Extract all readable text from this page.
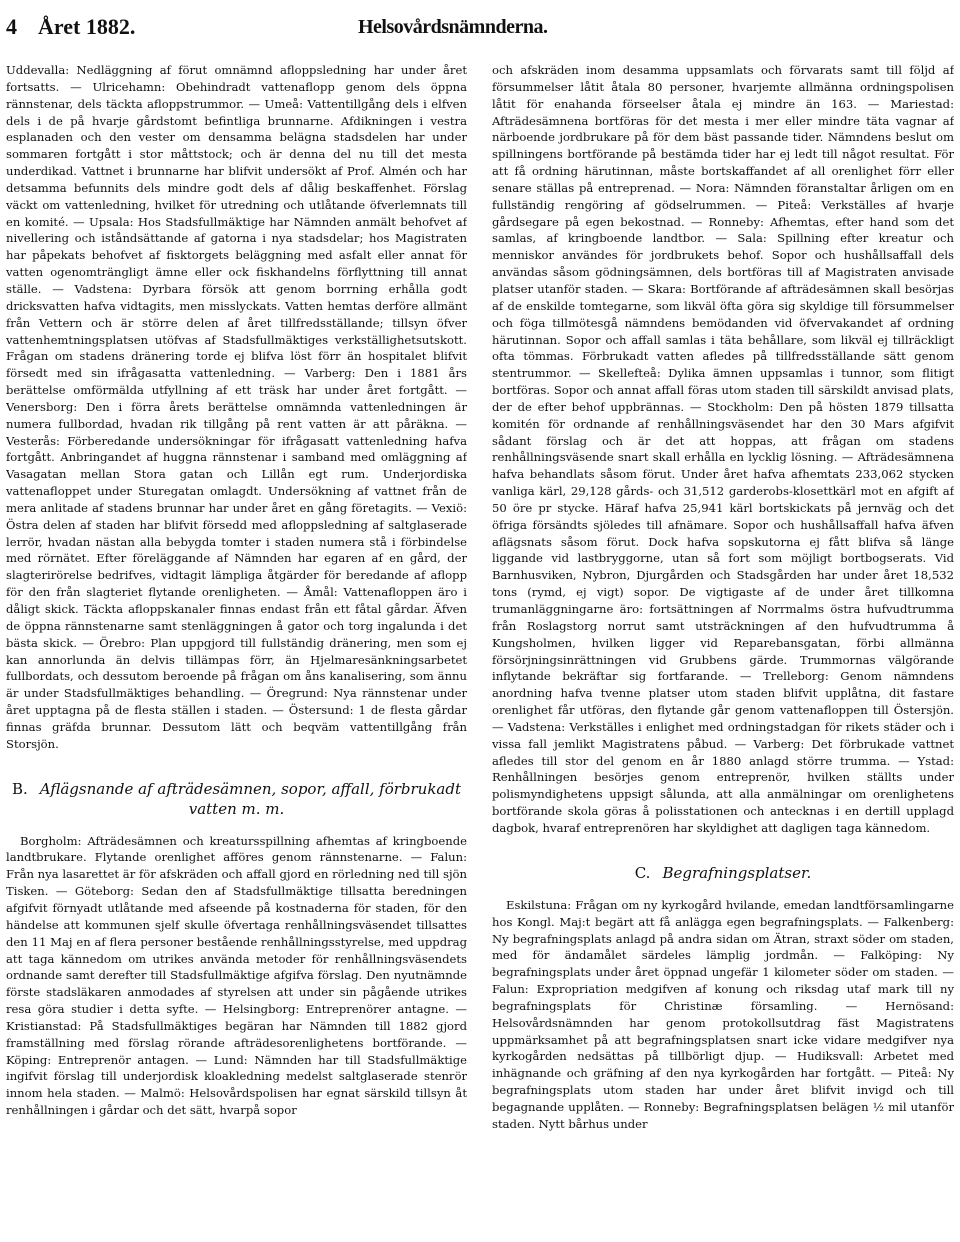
4 Året 1882.	Helsovårdsnämnderna.

Uddevalla: Nedläggning af förut omnämnd afloppsledning har under året fortsatts. — Ulricehamn: Obehindradt vattenaflopp genom dels öppna rännstenar, dels täckta afloppstrummor. — Umeå: Vattentillgång dels i elfven dels i de på hvarje gårdstomt befintliga brunnarne. Afdikningen i vestra esplanaden och den vester om densamma belägna stadsdelen har under sommaren fortgått i stor måttstock; och är denna del nu till det mesta underdikad. Vattnet i brunnarne har blifvit undersökt af Prof. Almén och har detsamma befunnits dels mindre godt dels af dålig beskaffenhet. Förslag väckt om vattenledning, hvilket för utredning och utlåtande öfverlemnats till en komité. — Upsala: Hos Stadsfullmäktige har Nämnden anmält behofvet af nivellering och iståndsättande af gatorna i nya stadsdelar; hos Magistraten har påpekats behofvet af fisktorgets beläggning med asfalt eller annat för vatten ogenomträngligt ämne eller ock fiskhandelns förflyttning till annat ställe. — Vadstena: Dyrbara försök att genom borrning erhålla godt dricksvatten hafva vidtagits, men misslyckats. Vatten hemtas derföre allmänt från Vettern och är större delen af året tillfredsställande; tillsyn öfver vattenhemtningsplatsen utöfvas af Stadsfullmäktiges verkställighetsutskott. Frågan om stadens dränering torde ej blifva löst förr än hospitalet blifvit försedt med sin ifrågasatta vattenledning. — Varberg: Den i 1881 års berättelse omförmälda utfyllning af ett träsk har under året fortgått. — Venersborg: Den i förra årets berättelse omnämnda vattenledningen är numera fullbordad, hvadan rik tillgång på rent vatten är att påräkna. — Vesterås: Förberedande undersökningar för ifrågasatt vattenledning hafva fortgått. Anbringandet af huggna rännstenar i samband med omläggning af Vasagatan mellan Stora gatan och Lillån egt rum. Underjordiska vattenafloppet under Sturegatan omlagdt. Undersökning af vattnet från de mera anlitade af stadens brunnar har under året en gång företagits. — Vexiö: Östra delen af staden har blifvit försedd med afloppsledning af saltglaserade lerrör, hvadan nästan alla bebygda tomter i staden numera stå i förbindelse med rörnätet. Efter föreläggande af Nämnden har egaren af en gård, der slagterirörelse bedrifves, vidtagit lämpliga åtgärder för beredande af aflopp för den från slagteriet flytande orenligheten. — Åmål: Vattenafloppen äro i dåligt skick. Täckta afloppskanaler finnas endast från ett fåtal gårdar. Äfven de öppna rännstenarne samt stenläggningen å gator och torg ingalunda i det bästa skick. — Örebro: Plan uppgjord till fullständig dränering, men som ej kan annorlunda än delvis tillämpas förr, än Hjelmaresänkningsarbetet fullbordats, och dessutom beroende på frågan om åns kanalisering, som ännu är under Stadsfullmäktiges behandling. — Öregrund: Nya rännstenar under året upptagna på de flesta ställen i staden. — Östersund: 1 de flesta gårdar finnas gräfda brunnar. Dessutom lätt och beqväm vattentillgång från Storsjön.

B. Aflägsnande af afträdesämnen, sopor, affall, förbrukadt vatten m. m.

Borgholm: Afträdesämnen och kreatursspillning afhemtas af kringboende landtbrukare. Flytande orenlighet afföres genom rännstenarne. — Falun: Från nya lasarettet är för afskräden och affall gjord en rörledning ned till sjön Tisken. — Göteborg: Sedan den af Stadsfullmäktige tillsatta beredningen afgifvit förnyadt utlåtande med afseende på kostnaderna för staden, för den händelse att kommunen sjelf skulle öfvertaga renhållningsväsendet tillsattes den 11 Maj en af flera personer bestående renhållningsstyrelse, med uppdrag att taga kännedom om utrikes använda metoder för renhållningsväsendets ordnande samt derefter till Stadsfullmäktige afgifva förslag. Den nyutnämnde förste stadsläkaren anmodades af styrelsen att under sin pågående utrikes resa göra studier i detta syfte. — Helsingborg: Entreprenörer antagne. — Kristianstad: På Stadsfullmäktiges begäran har Nämnden till 1882 gjord framställning med förslag rörande afträdesorenlighetens bortförande. — Köping: Entreprenör antagen. — Lund: Nämnden har till Stadsfullmäktige ingifvit förslag till underjordisk kloakledning medelst saltglaserade stenrör innom hela staden. — Malmö: Helsovårdspolisen har egnat särskild tillsyn åt renhållningen i gårdar och det sätt, hvarpå sopor

och afskräden inom desamma uppsamlats och förvarats samt till följd af försummelser låtit åtala 80 personer, hvarjemte allmänna ordningspolisen låtit för enahanda förseelser åtala ej mindre än 163. — Mariestad: Afträdesämnena bortföras för det mesta i mer eller mindre täta vagnar af närboende jordbrukare på för dem bäst passande tider. Nämndens beslut om spillningens bortförande på bestämda tider har ej ledt till något resultat. För att få ordning härutinnan, måste bortskaffandet af all orenlighet förr eller senare ställas på entreprenad. — Nora: Nämnden föranstaltar årligen om en fullständig rengöring af gödselrummen. — Piteå: Verkställes af hvarje gårdsegare på egen bekostnad. — Ronneby: Afhemtas, efter hand som det samlas, af kringboende landtbor. — Sala: Spillning efter kreatur och menniskor användes för jordbrukets behof. Sopor och hushållsaffall dels användas såsom gödningsämnen, dels bortföras till af Magistraten anvisade platser utanför staden. — Skara: Bortförande af afträdesämnen skall besörjas af de enskilde tomtegarne, som likväl öfta göra sig skyldige till försummelser och föga tillmötesgå nämndens bemödanden vid öfvervakandet af ordning härutinnan. Sopor och affall samlas i täta behållare, som likväl ej tillräckligt ofta tömmas. Förbrukadt vatten afledes på tillfredsställande sätt genom stentrummor. — Skellefteå: Dylika ämnen uppsamlas i tunnor, som flitigt bortföras. Sopor och annat affall föras utom staden till särskildt anvisad plats, der de efter behof uppbrännas. — Stockholm: Den på hösten 1879 tillsatta komitén för ordnande af renhållningsväsendet har den 30 Mars afgifvit sådant förslag och är det att hoppas, att frågan om stadens renhållningsväsende snart skall erhålla en lycklig lösning. — Afträdesämnena hafva behandlats såsom förut. Under året hafva afhemtats 233,062 stycken vanliga kärl, 29,128 gårds- och 31,512 garderobs-klosettkärl mot en afgift af 50 öre pr stycke. Häraf hafva 25,941 kärl bortskickats på jernväg och det öfriga försändts sjöledes till afnämare. Sopor och hushållsaffall hafva äfven aflägsnats såsom förut. Dock hafva sopskutorna ej fått blifva så länge liggande vid lastbryggorne, utan så fort som möjligt bortbogserats. Vid Barnhusviken, Nybron, Djurgården och Stadsgården har under året 18,532 tons (rymd, ej vigt) sopor. De vigtigaste af de under året tillkomna trumanläggningarne äro: fortsättningen af Norrmalms östra hufvudtrumma från Roslagstorg norrut samt utsträckningen af den hufvudtrumma å Kungsholmen, hvilken ligger vid Reparebansgatan, förbi allmänna försörjningsinrättningen vid Grubbens gärde. Trummornas välgörande inflytande bekräftar sig fortfarande. — Trelleborg: Genom nämndens anordning hafva tvenne platser utom staden blifvit upplåtna, dit fastare orenlighet får utföras, den flytande går genom vattenafloppen till Östersjön. — Vadstena: Verkställes i enlighet med ordningstadgan för rikets städer och i vissa fall jemlikt Magistratens påbud. — Varberg: Det förbrukade vattnet afledes till stor del genom en år 1880 anlagd större trumma. — Ystad: Renhållningen besörjes genom entreprenör, hvilken ställts under polismyndighetens uppsigt sålunda, att alla anmälningar om orenlighetens bortförande skola göras å polisstationen och antecknas i en dertill upplagd dagbok, hvaraf entreprenören har skyldighet att dagligen taga kännedom.

C. Begrafningsplatser.

Eskilstuna: Frågan om ny kyrkogård hvilande, emedan landtförsamlingarne hos Kongl. Maj:t begärt att få anlägga egen begrafningsplats. — Falkenberg: Ny begrafningsplats anlagd på andra sidan om Ätran, straxt söder om staden, med för ändamålet särdeles lämplig jordmån. — Falköping: Ny begrafningsplats under året öppnad ungefär 1 kilometer söder om staden. — Falun: Expropriation medgifven af konung och riksdag utaf mark till ny begrafningsplats för Christinæ församling. — Hernösand: Helsovårdsnämnden har genom protokollsutdrag fäst Magistratens uppmärksamhet på att begrafningsplatsen snart icke vidare medgifver nya kyrkogården nedsättas på tillbörligt djup. — Hudiksvall: Arbetet med inhägnande och gräfning af den nya kyrkogården har fortgått. — Piteå: Ny begrafningsplats utom staden har under året blifvit invigd och till begagnande upplåten. — Ronneby: Begrafningsplatsen belägen ½ mil utanför staden. Nytt bårhus under
